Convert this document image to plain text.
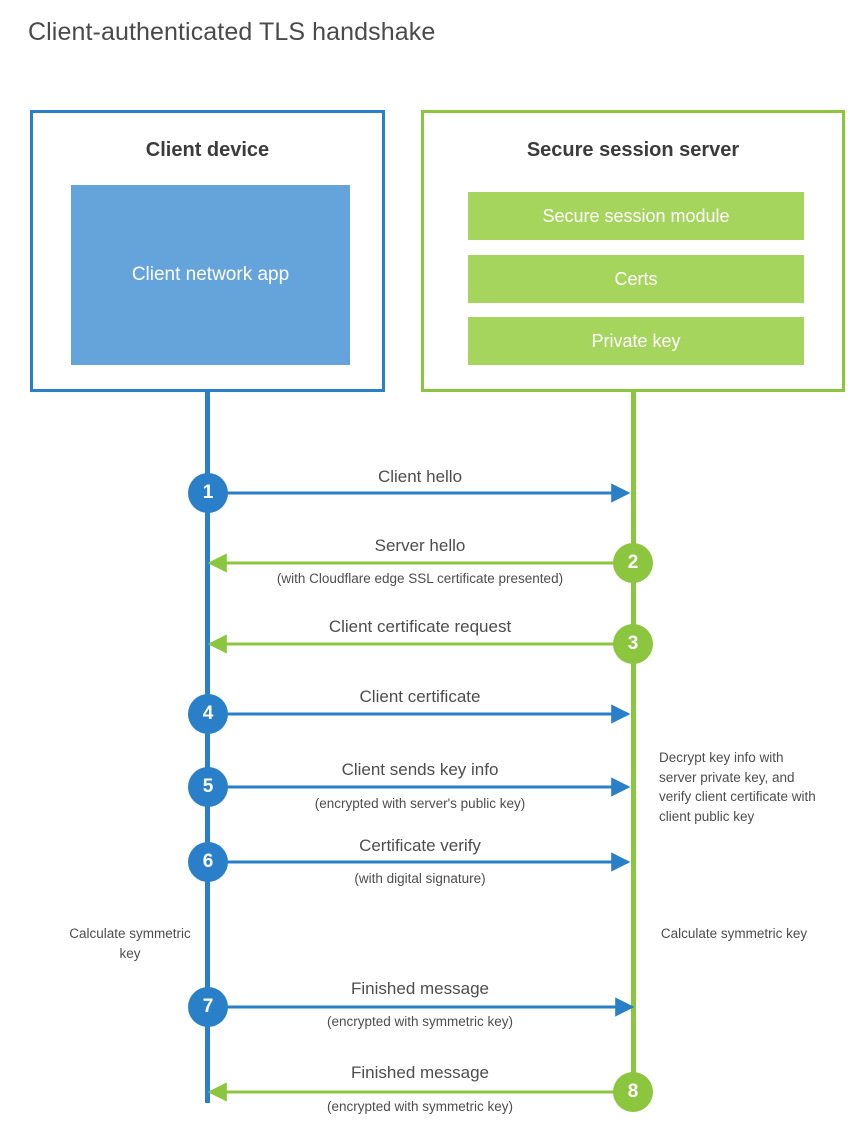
Client-authenticated TLS handshake
Client device
Client network app
Secure session server
Secure session module
Certs
Private key
1
Client hello
2
Server hello
(with Cloudflare edge SSL certificate presented)
3
Client certificate request
4
Client certificate
5
Client sends key info
(encrypted with server's public key)
6
Certificate verify
(with digital signature)
7
Finished message
(encrypted with symmetric key)
8
Finished message
(encrypted with symmetric key)
Decrypt key info with server private key, and verify client certificate with client public key
Calculate symmetric key
Calculate symmetric key
